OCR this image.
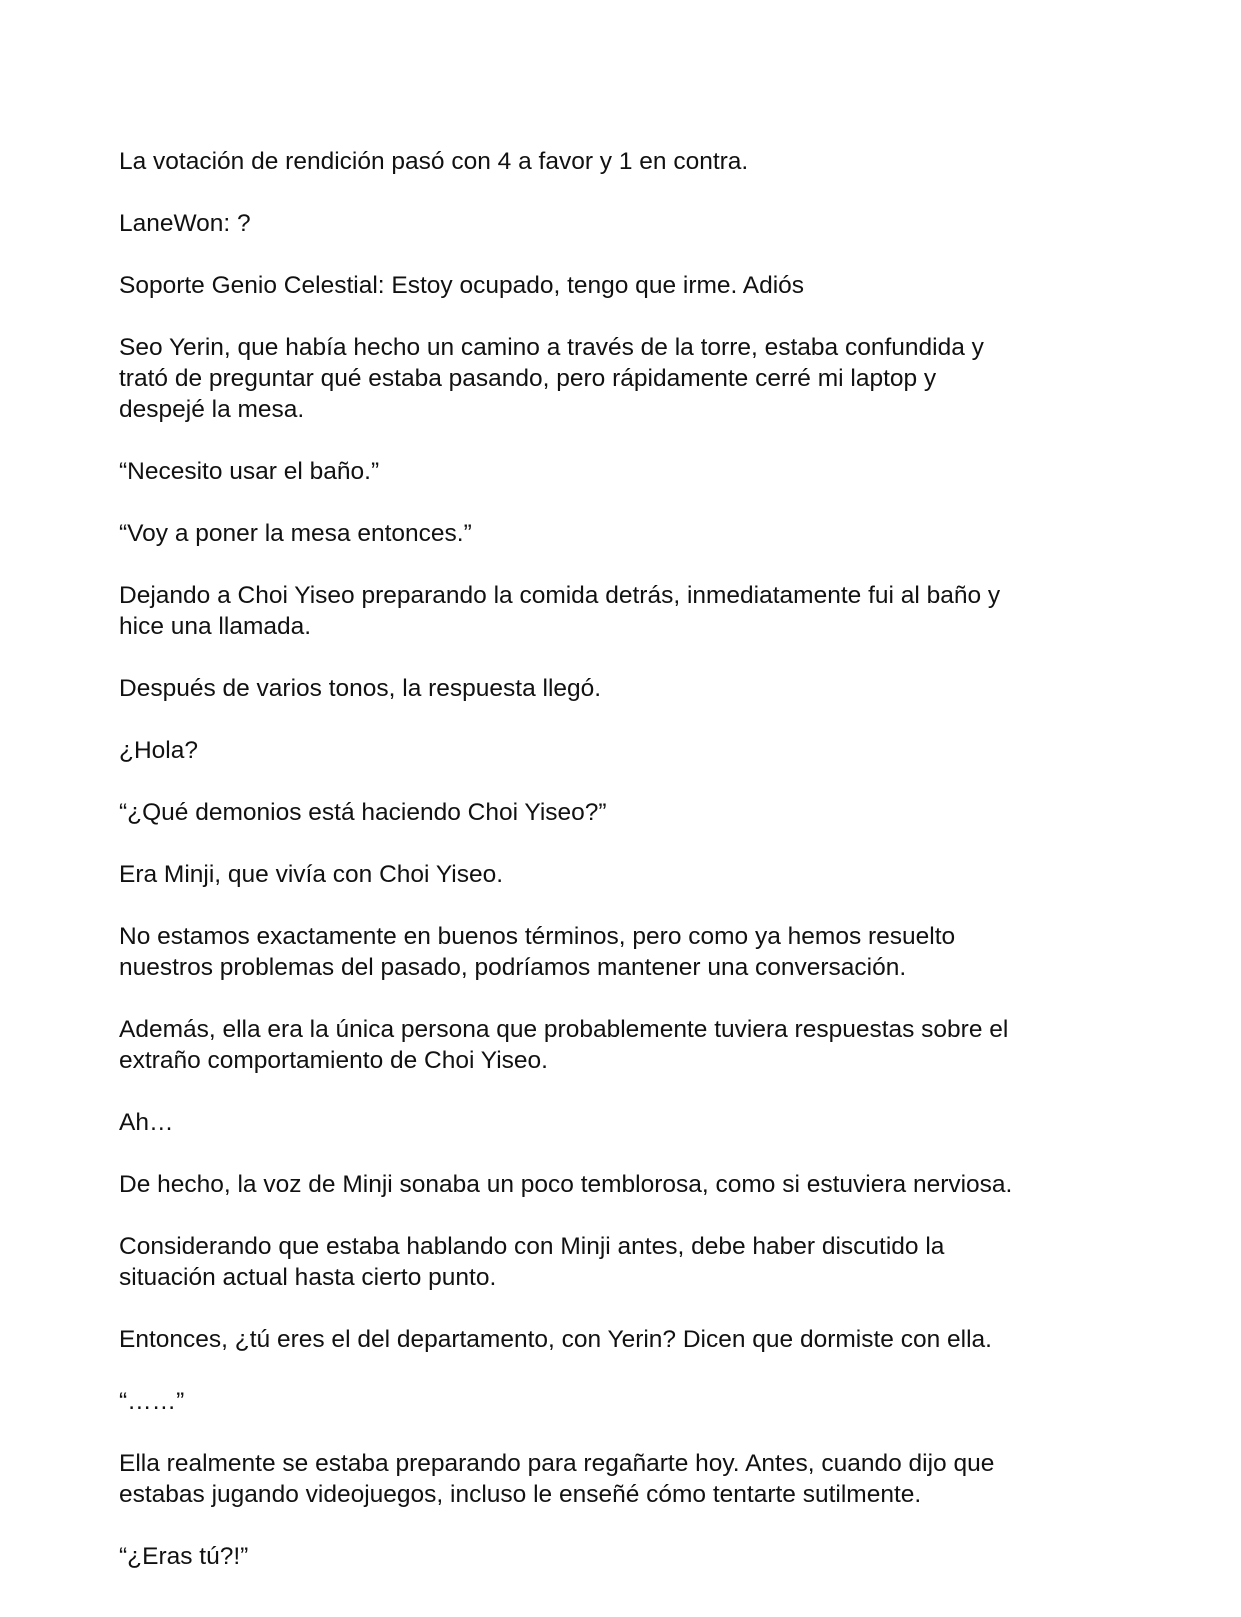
La votación de rendición pasó con 4 a favor y 1 en contra.

LaneWon: ?

Soporte Genio Celestial: Estoy ocupado, tengo que irme. Adiós

Seo Yerin, que había hecho un camino a través de la torre, estaba confundida y
trató de preguntar qué estaba pasando, pero rápidamente cerré mi laptop y
despejé la mesa.

“Necesito usar el baño.”

“Voy a poner la mesa entonces.”

Dejando a Choi Yiseo preparando la comida detrás, inmediatamente fui al baño y
hice una llamada.

Después de varios tonos, la respuesta llegó.

¿Hola?

“¿Qué demonios está haciendo Choi Yiseo?”

Era Minji, que vivía con Choi Yiseo.

No estamos exactamente en buenos términos, pero como ya hemos resuelto
nuestros problemas del pasado, podríamos mantener una conversación.

Además, ella era la única persona que probablemente tuviera respuestas sobre el
extraño comportamiento de Choi Yiseo.

Ah…

De hecho, la voz de Minji sonaba un poco temblorosa, como si estuviera nerviosa.

Considerando que estaba hablando con Minji antes, debe haber discutido la
situación actual hasta cierto punto.

Entonces, ¿tú eres el del departamento, con Yerin? Dicen que dormiste con ella.

“……”

Ella realmente se estaba preparando para regañarte hoy. Antes, cuando dijo que
estabas jugando videojuegos, incluso le enseñé cómo tentarte sutilmente.

“¿Eras tú?!”
